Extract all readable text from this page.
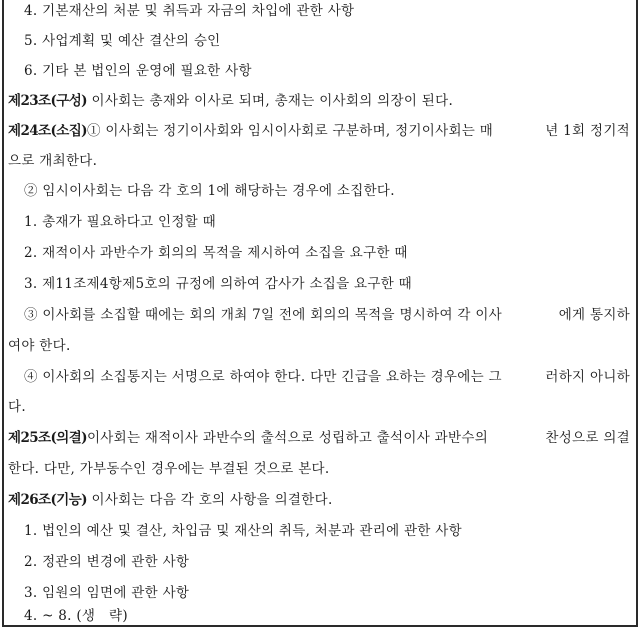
4. 기본재산의 처분 및 취득과 자금의 차입에 관한 사항
5. 사업계획 및 예산 결산의 승인
6. 기타 본 법인의 운영에 필요한 사항
제23조(구성) 이사회는 총재와 이사로 되며, 총재는 이사회의 의장이 된다.
제24조(소집) ① 이사회는 정기이사회와 임시이사회로 구분하며, 정기이사회는 매	년 1회 정기적
으로 개최한다.
② 임시이사회는 다음 각 호의 1에 해당하는 경우에 소집한다.
1. 총재가 필요하다고 인정할 때
2. 재적이사 과반수가 회의의 목적을 제시하여 소집을 요구한 때
3. 제11조제4항제5호의 규정에 의하여 감사가 소집을 요구한 때
③ 이사회를 소집할 때에는 회의 개최 7일 전에 회의의 목적을 명시하여 각 이사	에게 통지하
여야 한다.
④ 이사회의 소집통지는 서명으로 하여야 한다. 다만 긴급을 요하는 경우에는 그	러하지 아니하
다.
제25조(의결) 이사회는 재적이사 과반수의 출석으로 성립하고 출석이사 과반수의	찬성으로 의결
한다. 다만, 가부동수인 경우에는 부결된 것으로 본다.
제26조(기능) 이사회는 다음 각 호의 사항을 의결한다.
1. 법인의 예산 및 결산, 차입금 및 재산의 취득, 처분과 관리에 관한 사항
2. 정관의 변경에 관한 사항
3. 임원의 임면에 관한 사항
4. ~ 8. (생   략)
